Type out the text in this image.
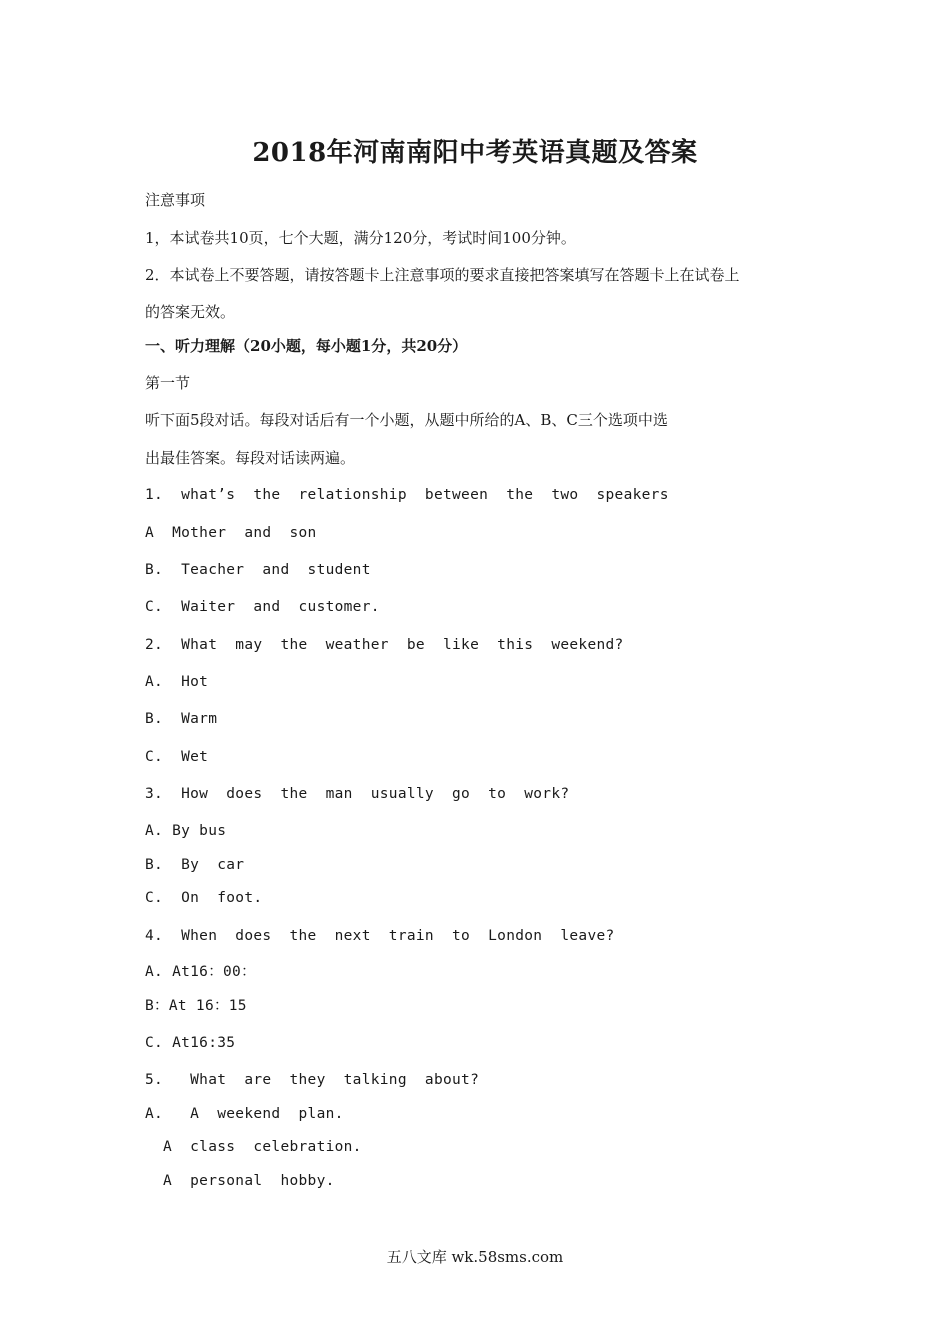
2018年河南南阳中考英语真题及答案
注意事项
1，本试卷共10页，七个大题，满分120分，考试时间100分钟。
2．本试卷上不要答题，请按答题卡上注意事项的要求直接把答案填写在答题卡上在试卷上
的答案无效。
一、听力理解（20小题，每小题1分，共20分）
第一节
听下面5段对话。每段对话后有一个小题，从题中所给的A、B、C三个选项中选
出最佳答案。每段对话读两遍。
1.  what’s  the  relationship  between  the  two  speakers
A  Mother  and  son
B.  Teacher  and  student
C.  Waiter  and  customer.
2.  What  may  the  weather  be  like  this  weekend?
A.  Hot
B.  Warm
C.  Wet
3.  How  does  the  man  usually  go  to  work?
A. By bus
B.  By  car
C.  On  foot.
4.  When  does  the  next  train  to  London  leave?
A. At16：00：
B：At 16：15
C. At16:35
5.   What  are  they  talking  about?
A.   A  weekend  plan.
A  class  celebration.
A  personal  hobby.
五八文库 wk.58sms.com
